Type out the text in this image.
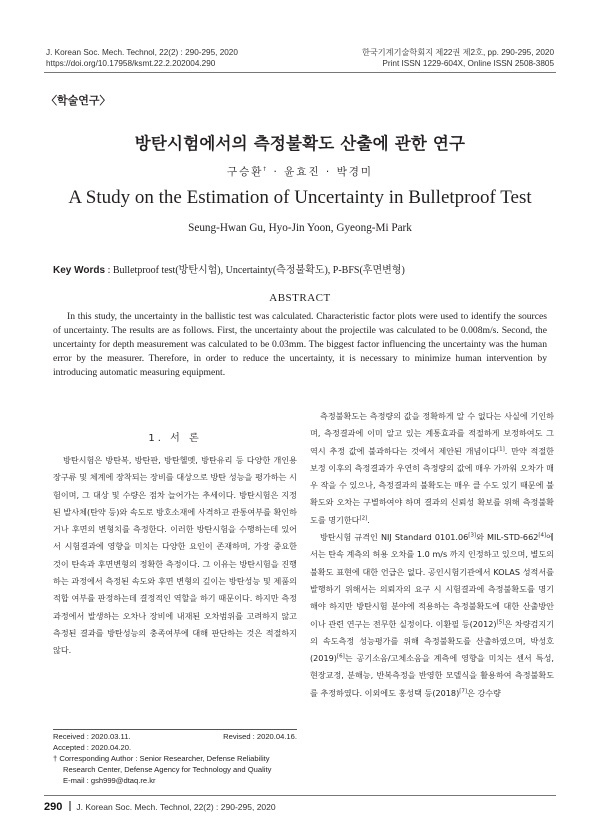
J. Korean Soc. Mech. Technol, 22(2) : 290-295, 2020
https://doi.org/10.17958/ksmt.22.2.202004.290
한국기계기술학회지 제22권 제2호, pp. 290-295, 2020
Print ISSN 1229-604X, Online ISSN 2508-3805
〈학술연구〉
방탄시험에서의 측정불확도 산출에 관한 연구
구승환† · 윤효진 · 박경미
A Study on the Estimation of Uncertainty in Bulletproof Test
Seung-Hwan Gu, Hyo-Jin Yoon, Gyeong-Mi Park
Key Words : Bulletproof test(방탄시험), Uncertainty(측정불확도), P-BFS(후면변형)
ABSTRACT

In this study, the uncertainty in the ballistic test was calculated. Characteristic factor plots were used to identify the sources of uncertainty. The results are as follows. First, the uncertainty about the projectile was calculated to be 0.008m/s. Second, the uncertainty for depth measurement was calculated to be 0.03mm. The biggest factor influencing the uncertainty was the human error by the measurer. Therefore, in order to reduce the uncertainty, it is necessary to minimize human intervention by introducing automatic measuring equipment.

1. 서 론

방탄시험은 방탄복, 방탄판, 방탄헬멧, 방탄유리 등 다양한 개인용 장구류 및 체계에 장착되는 장비를 대상으로 방탄 성능을 평가하는 시험이며, 그 대상 및 수량은 점차 늘어가는 추세이다. 방탄시험은 지정된 발사체(탄약 등)와 속도로 방호소재에 사격하고 관통여부를 확인하거나 후면의 변형치를 측정한다. 이러한 방탄시험을 수행하는데 있어서 시험결과에 영향을 미치는 다양한 요인이 존재하며, 가장 중요한 것이 탄속과 후면변형의 정확한 측정이다. 그 이유는 방탄시험을 진행하는 과정에서 측정된 속도와 후면 변형의 깊이는 방탄성능 및 제품의 적합 여부를 판정하는데 결정적인 역할을 하기 때문이다. 하지만 측정과정에서 발생하는 오차나 장비에 내재된 오차범위를 고려하지 않고 측정된 결과를 방탄성능의 충족여부에 대해 판단하는 것은 적절하지 않다.

측정불확도는 측정량의 값을 정확하게 알 수 없다는 사실에 기인하며, 측정결과에 이미 알고 있는 계통효과를 적절하게 보정하여도 그 역시 추정 값에 불과하다는 것에서 제안된 개념이다[1]. 만약 적절한 보정 이후의 측정결과가 우연히 측정량의 값에 매우 가까워 오차가 매우 작을 수 있으나, 측정결과의 불확도는 매우 클 수도 있기 때문에 불확도와 오차는 구별하여야 하며 결과의 신뢰성 확보를 위해 측정불확도를 명기한다[2].

방탄시험 규격인 NIJ Standard 0101.06[3]와 MIL-STD-662[4]에서는 탄속 계측의 허용 오차를 1.0 m/s 까지 인정하고 있으며, 별도의 불확도 표현에 대한 언급은 없다. 공인시험기관에서 KOLAS 성적서를 발행하기 위해서는 의뢰자의 요구 시 시험결과에 측정불확도를 명기해야 하지만 방탄시험 분야에 적용하는 측정불확도에 대한 산출방안이나 관련 연구는 전무한 실정이다. 이환필 등(2012)[5]은 차량검지기의 속도측정 성능평가를 위해 측정불확도를 산출하였으며, 박성호(2019)[6]는 공기소음/고체소음을 계측에 영향을 미치는 센서 특성, 현장교정, 분해능, 반복측정을 반영한 모델식을 활용하여 측정불확도를 추정하였다. 이외에도 홍성택 등(2018)[7]은 강수량

Received : 2020.03.11.	Revised : 2020.04.16.
Accepted : 2020.04.20.
† Corresponding Author : Senior Researcher, Defense Reliability
Research Center, Defense Agency for Technology and Quality
E-mail : gsh999@dtaq.re.kr
290 J. Korean Soc. Mech. Technol, 22(2) : 290-295, 2020
